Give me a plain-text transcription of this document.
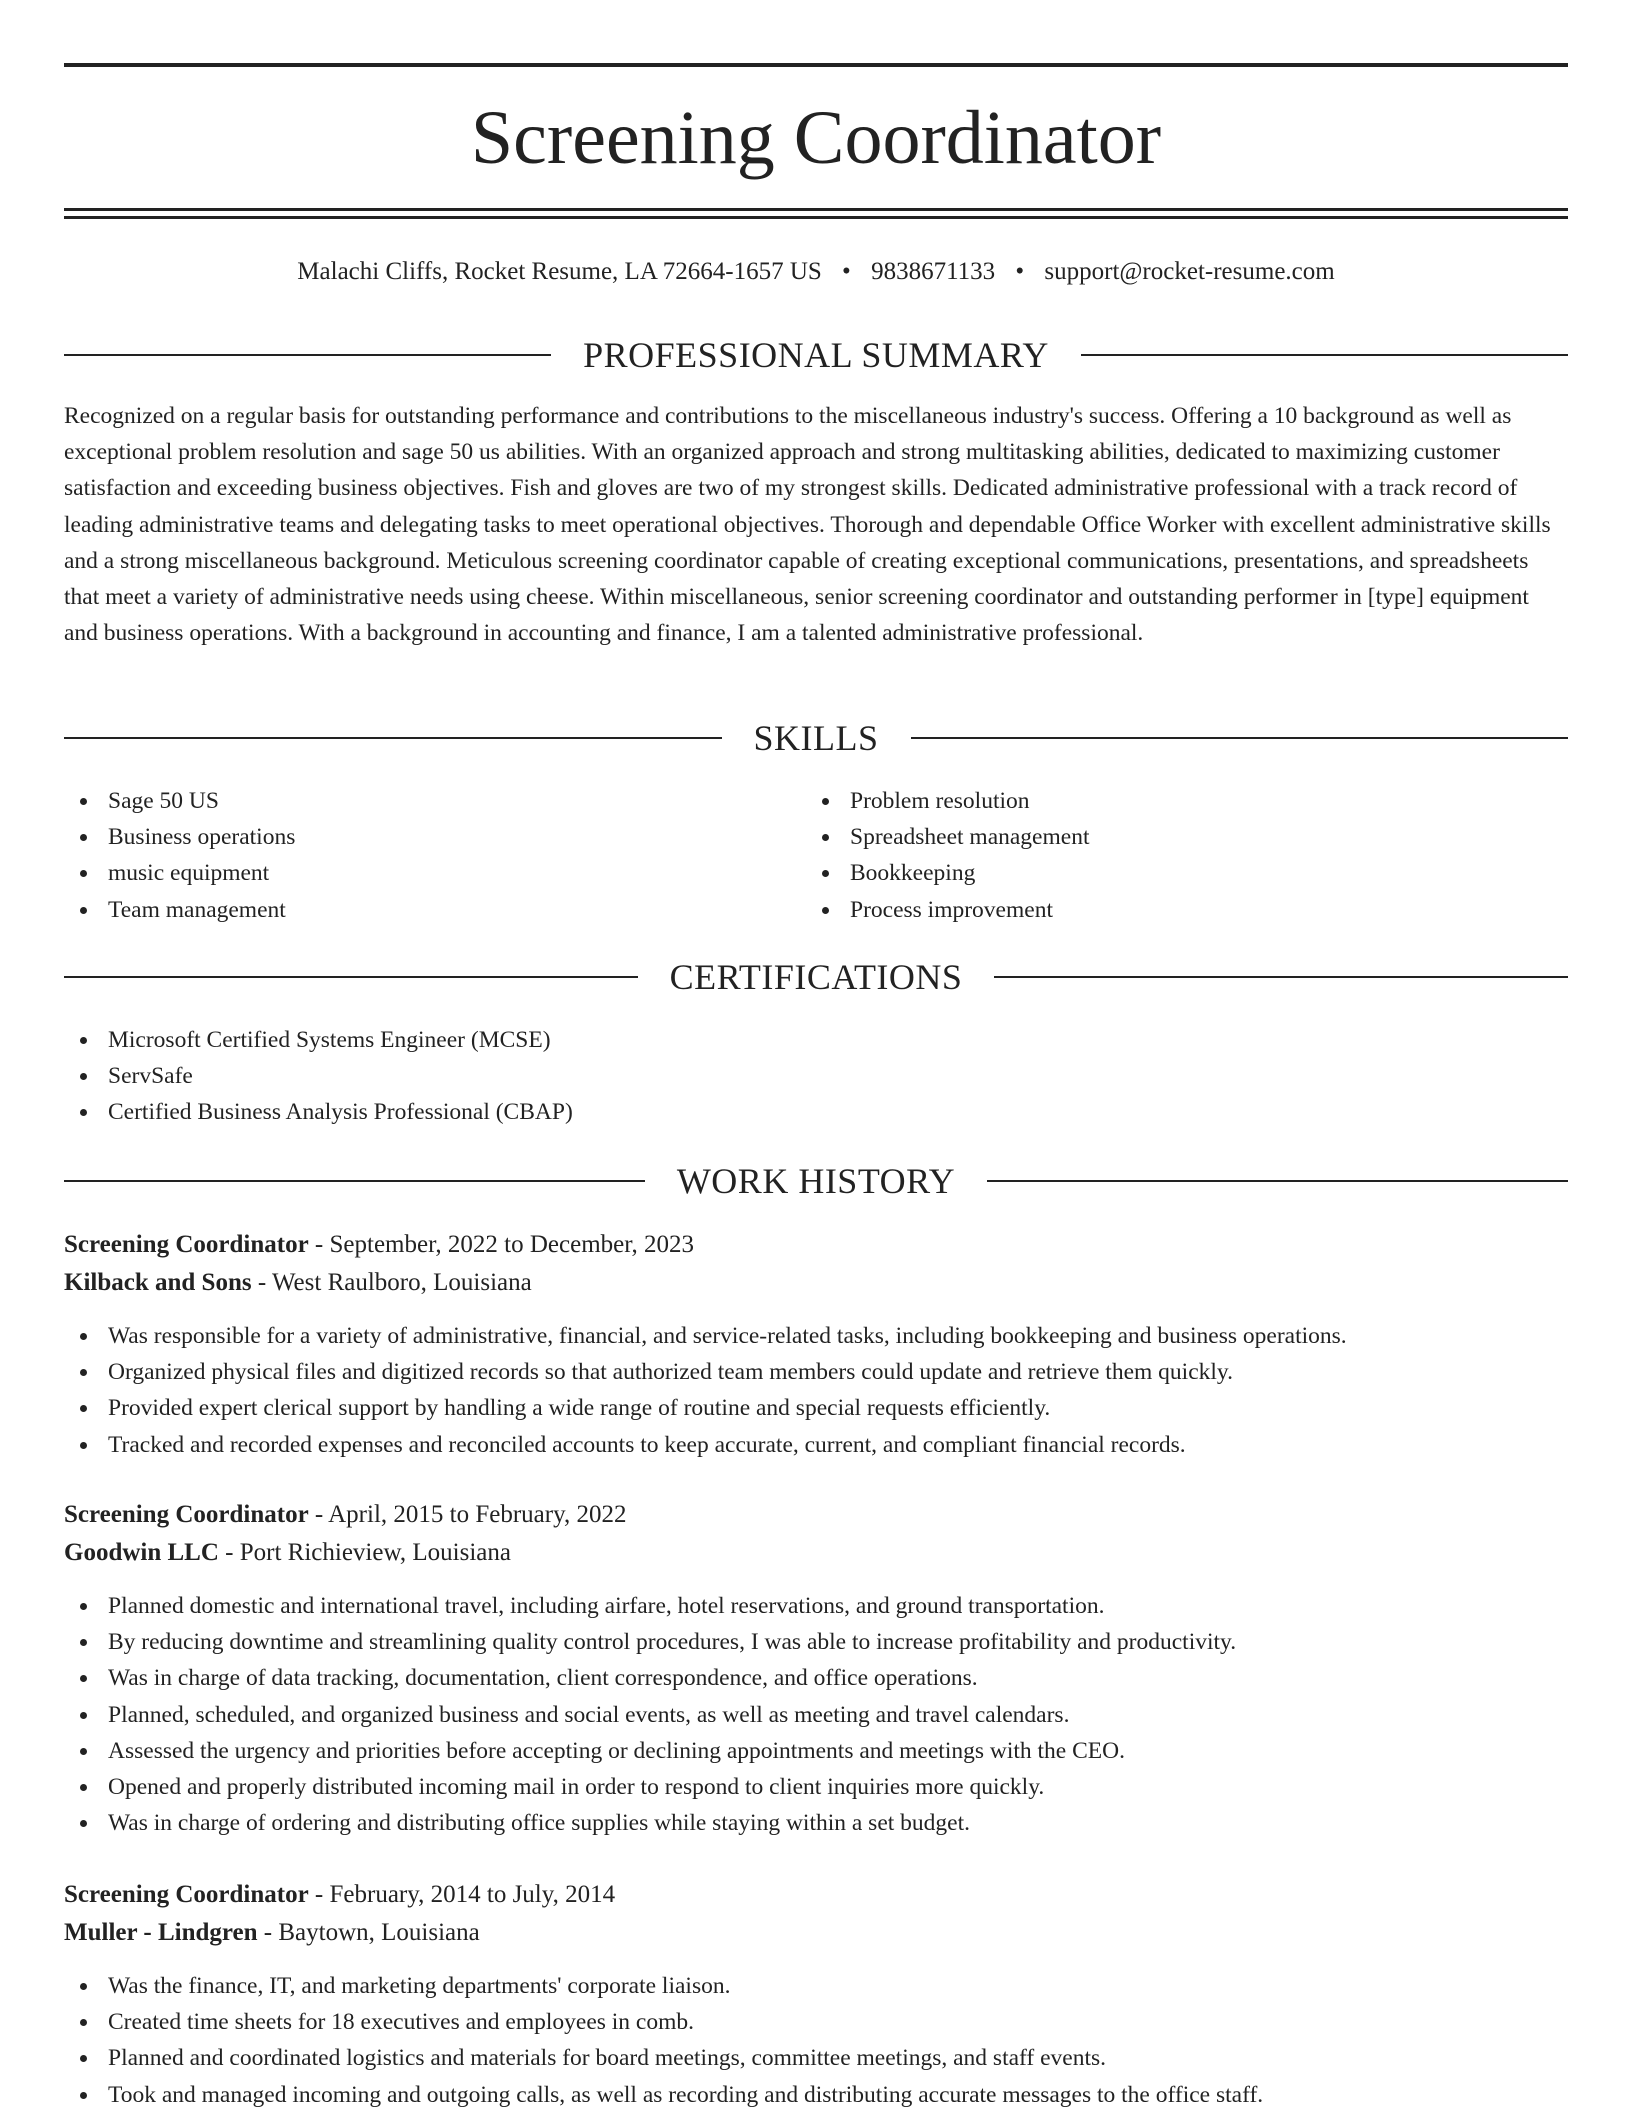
Screening Coordinator
Malachi Cliffs, Rocket Resume, LA 72664-1657 US • 9838671133 • support@rocket-resume.com
PROFESSIONAL SUMMARY

Recognized on a regular basis for outstanding performance and contributions to the miscellaneous industry's success. Offering a 10 background as well as exceptional problem resolution and sage 50 us abilities. With an organized approach and strong multitasking abilities, dedicated to maximizing customer satisfaction and exceeding business objectives. Fish and gloves are two of my strongest skills. Dedicated administrative professional with a track record of leading administrative teams and delegating tasks to meet operational objectives. Thorough and dependable Office Worker with excellent administrative skills and a strong miscellaneous background. Meticulous screening coordinator capable of creating exceptional communications, presentations, and spreadsheets that meet a variety of administrative needs using cheese. Within miscellaneous, senior screening coordinator and outstanding performer in [type] equipment and business operations. With a background in accounting and finance, I am a talented administrative professional.

SKILLS
Sage 50 US
Business operations
music equipment
Team management
Problem resolution
Spreadsheet management
Bookkeeping
Process improvement
CERTIFICATIONS
Microsoft Certified Systems Engineer (MCSE)
ServSafe
Certified Business Analysis Professional (CBAP)
WORK HISTORY
Screening Coordinator - September, 2022 to December, 2023
Kilback and Sons - West Raulboro, Louisiana
Was responsible for a variety of administrative, financial, and service-related tasks, including bookkeeping and business operations.
Organized physical files and digitized records so that authorized team members could update and retrieve them quickly.
Provided expert clerical support by handling a wide range of routine and special requests efficiently.
Tracked and recorded expenses and reconciled accounts to keep accurate, current, and compliant financial records.
Screening Coordinator - April, 2015 to February, 2022
Goodwin LLC - Port Richieview, Louisiana
Planned domestic and international travel, including airfare, hotel reservations, and ground transportation.
By reducing downtime and streamlining quality control procedures, I was able to increase profitability and productivity.
Was in charge of data tracking, documentation, client correspondence, and office operations.
Planned, scheduled, and organized business and social events, as well as meeting and travel calendars.
Assessed the urgency and priorities before accepting or declining appointments and meetings with the CEO.
Opened and properly distributed incoming mail in order to respond to client inquiries more quickly.
Was in charge of ordering and distributing office supplies while staying within a set budget.
Screening Coordinator - February, 2014 to July, 2014
Muller - Lindgren - Baytown, Louisiana
Was the finance, IT, and marketing departments' corporate liaison.
Created time sheets for 18 executives and employees in comb.
Planned and coordinated logistics and materials for board meetings, committee meetings, and staff events.
Took and managed incoming and outgoing calls, as well as recording and distributing accurate messages to the office staff.
